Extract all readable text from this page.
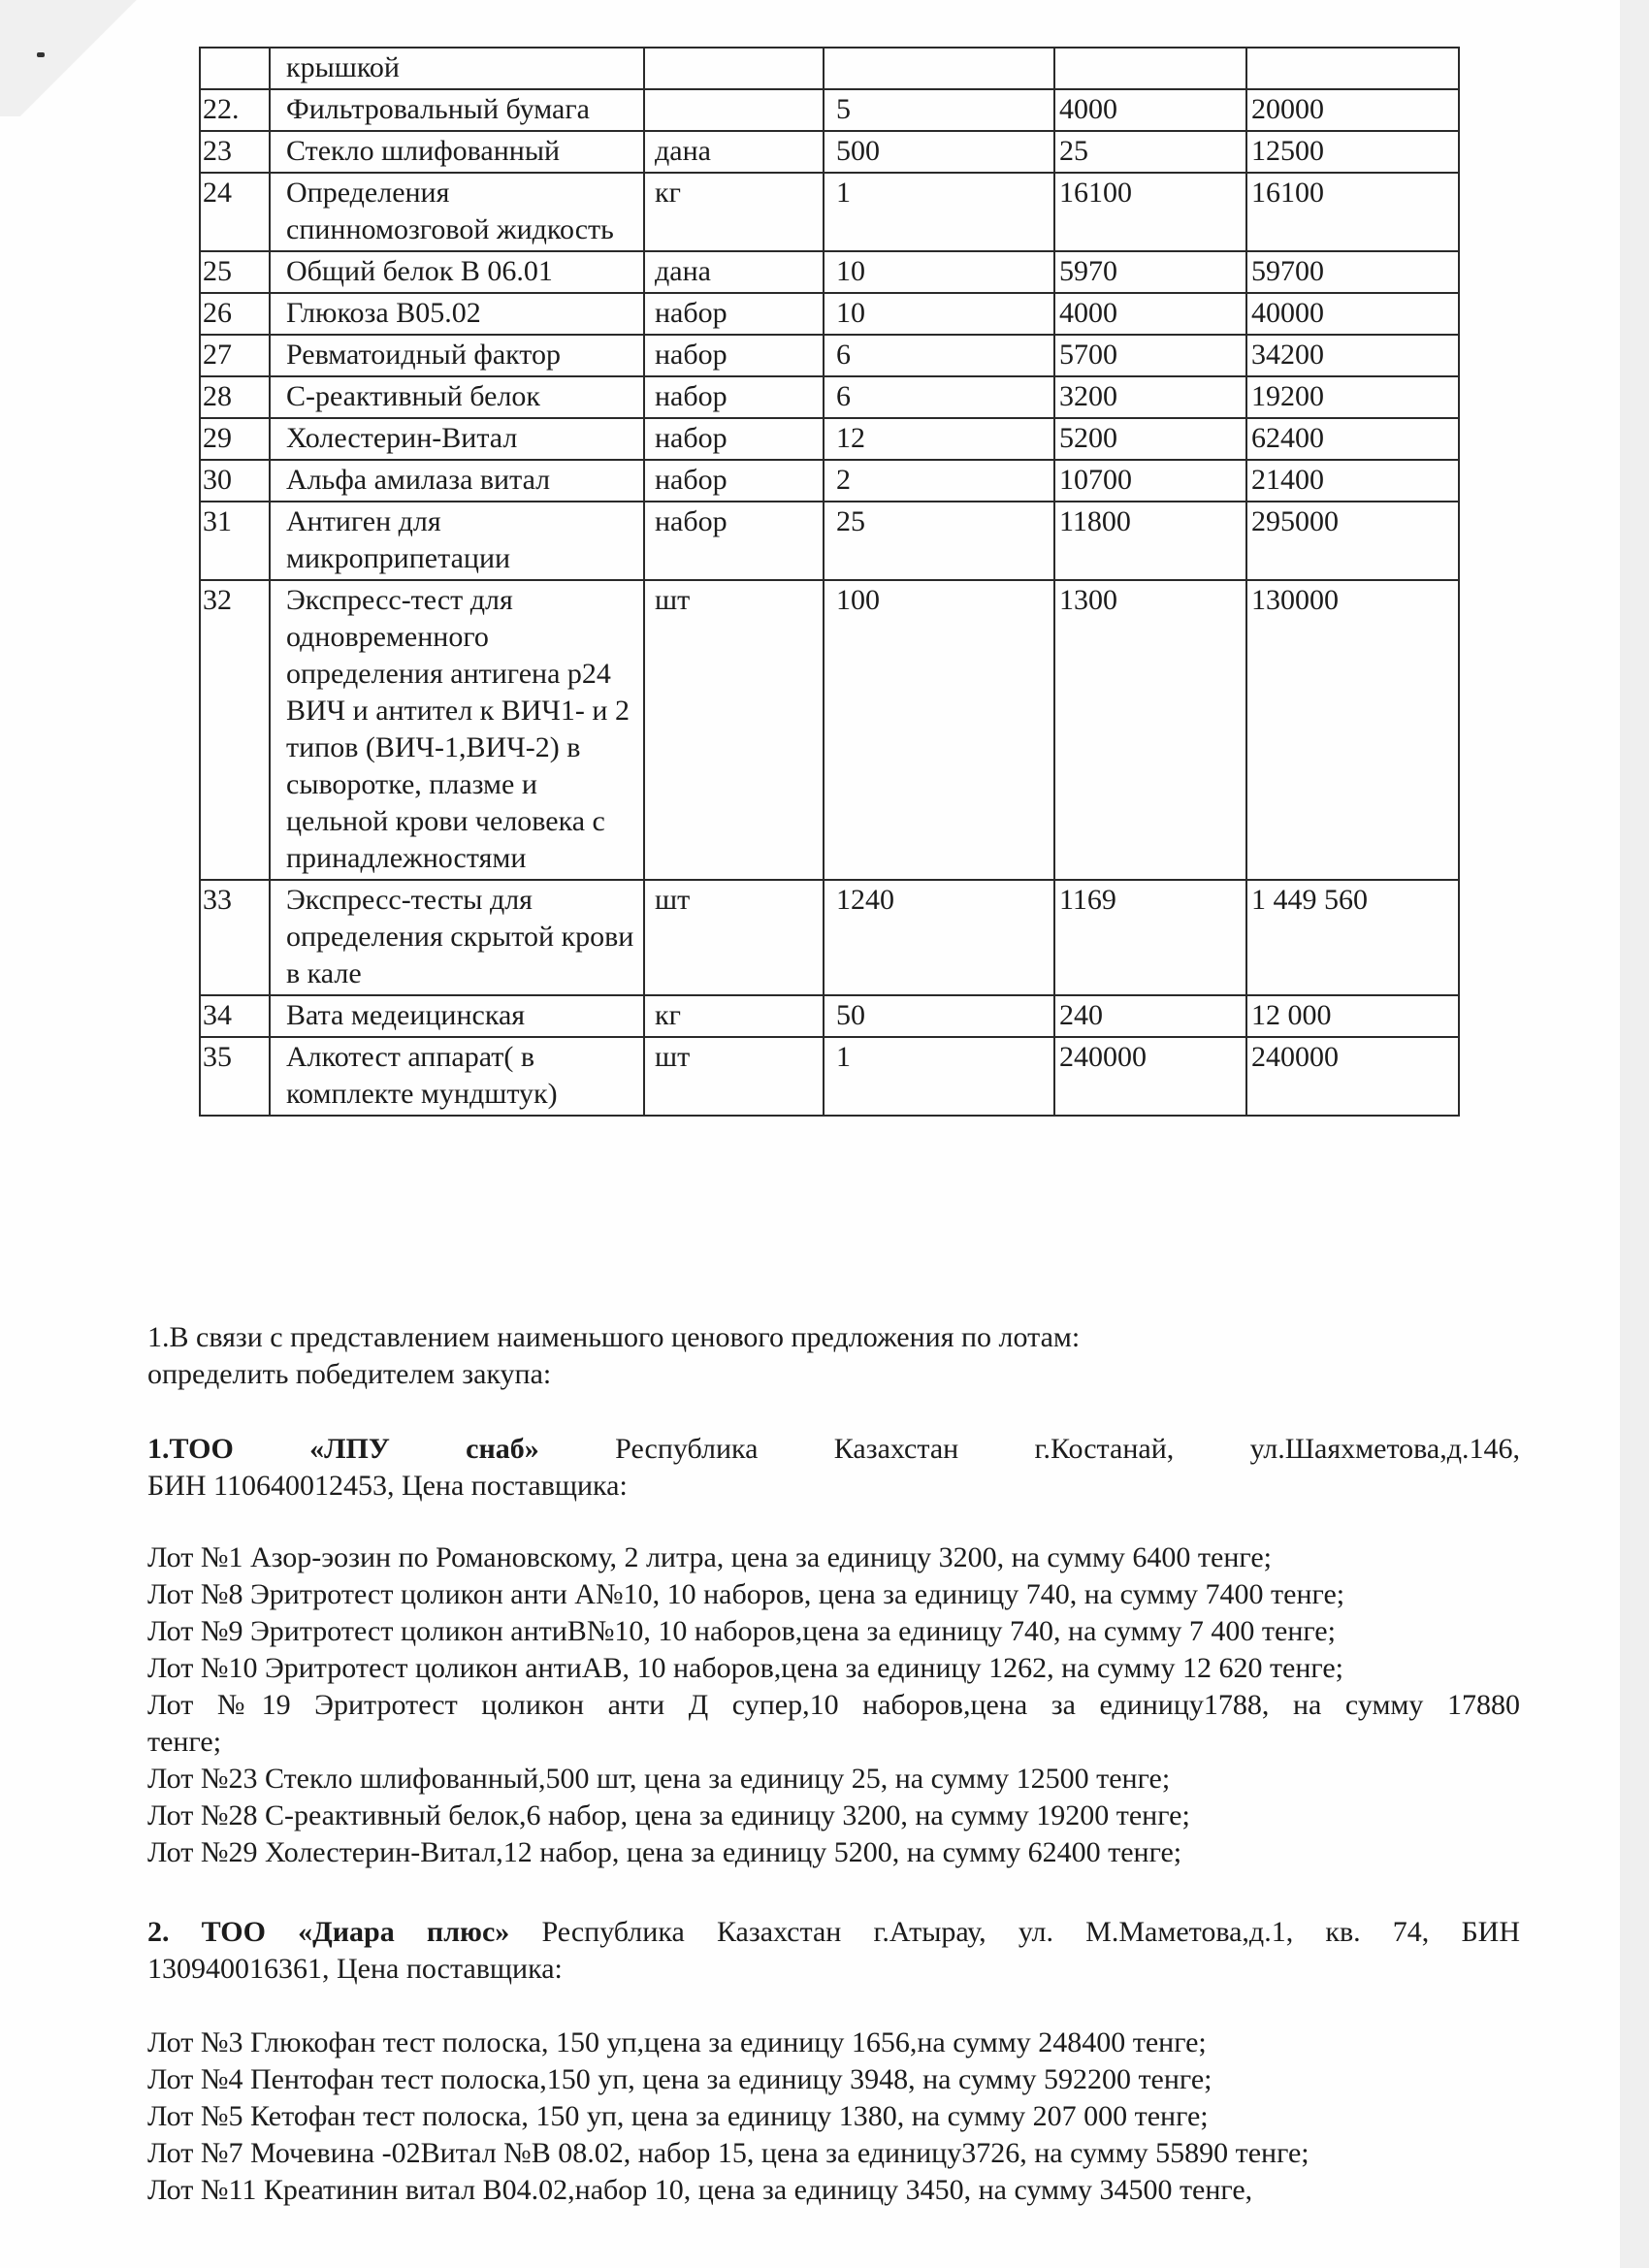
	крышкой				
22.	Фильтровальный бумага		5	4000	20000
23	Стекло шлифованный	дана	500	25	12500
24	Определения спинномозговой жидкость	кг	1	16100	16100
25	Общий белок В 06.01	дана	10	5970	59700
26	Глюкоза В05.02	набор	10	4000	40000
27	Ревматоидный фактор	набор	6	5700	34200
28	С-реактивный белок	набор	6	3200	19200
29	Холестерин-Витал	набор	12	5200	62400
30	Альфа амилаза витал	набор	2	10700	21400
31	Антиген для микроприпетации	набор	25	11800	295000
32	Экспресс-тест для одновременного определения антигена р24 ВИЧ и антител к ВИЧ1- и 2 типов (ВИЧ-1,ВИЧ-2) в сыворотке, плазме и цельной крови человека с принадлежностями	шт	100	1300	130000
33	Экспресс-тесты для определения скрытой крови в кале	шт	1240	1169	1 449 560
34	Вата медеицинская	кг	50	240	12 000
35	Алкотест аппарат( в комплекте мундштук)	шт	1	240000	240000
1.В связи с представлением наименьшого ценового предложения по лотам:
определить победителем закупа:
1.ТОО «ЛПУ снаб»	Республика Казахстан г.Костанай, ул.Шаяхметова,д.146,
БИН 110640012453, Цена поставщика:
Лот №1 Азор-эозин по Романовскому, 2 литра, цена за единицу 3200, на сумму 6400 тенге;
Лот №8 Эритротест цоликон анти А№10, 10 наборов, цена за единицу 740, на сумму 7400 тенге;
Лот №9 Эритротест цоликон антиВ№10, 10 наборов,цена за единицу 740, на сумму 7 400 тенге;
Лот №10 Эритротест цоликон антиАВ, 10 наборов,цена за единицу 1262, на сумму 12 620 тенге;
Лот №19 Эритротест цоликон анти Д супер,10 наборов,цена за единицу1788, на сумму 17880
тенге;
Лот №23 Стекло шлифованный,500 шт, цена за единицу 25, на сумму 12500 тенге;
Лот №28 С-реактивный белок,6 набор, цена за единицу 3200, на сумму 19200 тенге;
Лот №29 Холестерин-Витал,12 набор, цена за единицу 5200, на сумму 62400 тенге;
2. ТОО «Диара плюс» Республика Казахстан г.Атырау, ул. М.Маметова,д.1, кв. 74, БИН
130940016361, Цена поставщика:
Лот №3 Глюкофан тест полоска, 150 уп,цена за единицу 1656,на сумму 248400 тенге;
Лот №4 Пентофан тест полоска,150 уп, цена за единицу 3948, на сумму 592200 тенге;
Лот №5 Кетофан тест полоска, 150 уп, цена за единицу 1380, на сумму 207 000 тенге;
Лот №7 Мочевина -02Витал №В 08.02, набор 15, цена за единицу3726, на сумму 55890 тенге;
Лот №11 Креатинин витал В04.02,набор 10, цена за единицу 3450, на сумму 34500 тенге,
